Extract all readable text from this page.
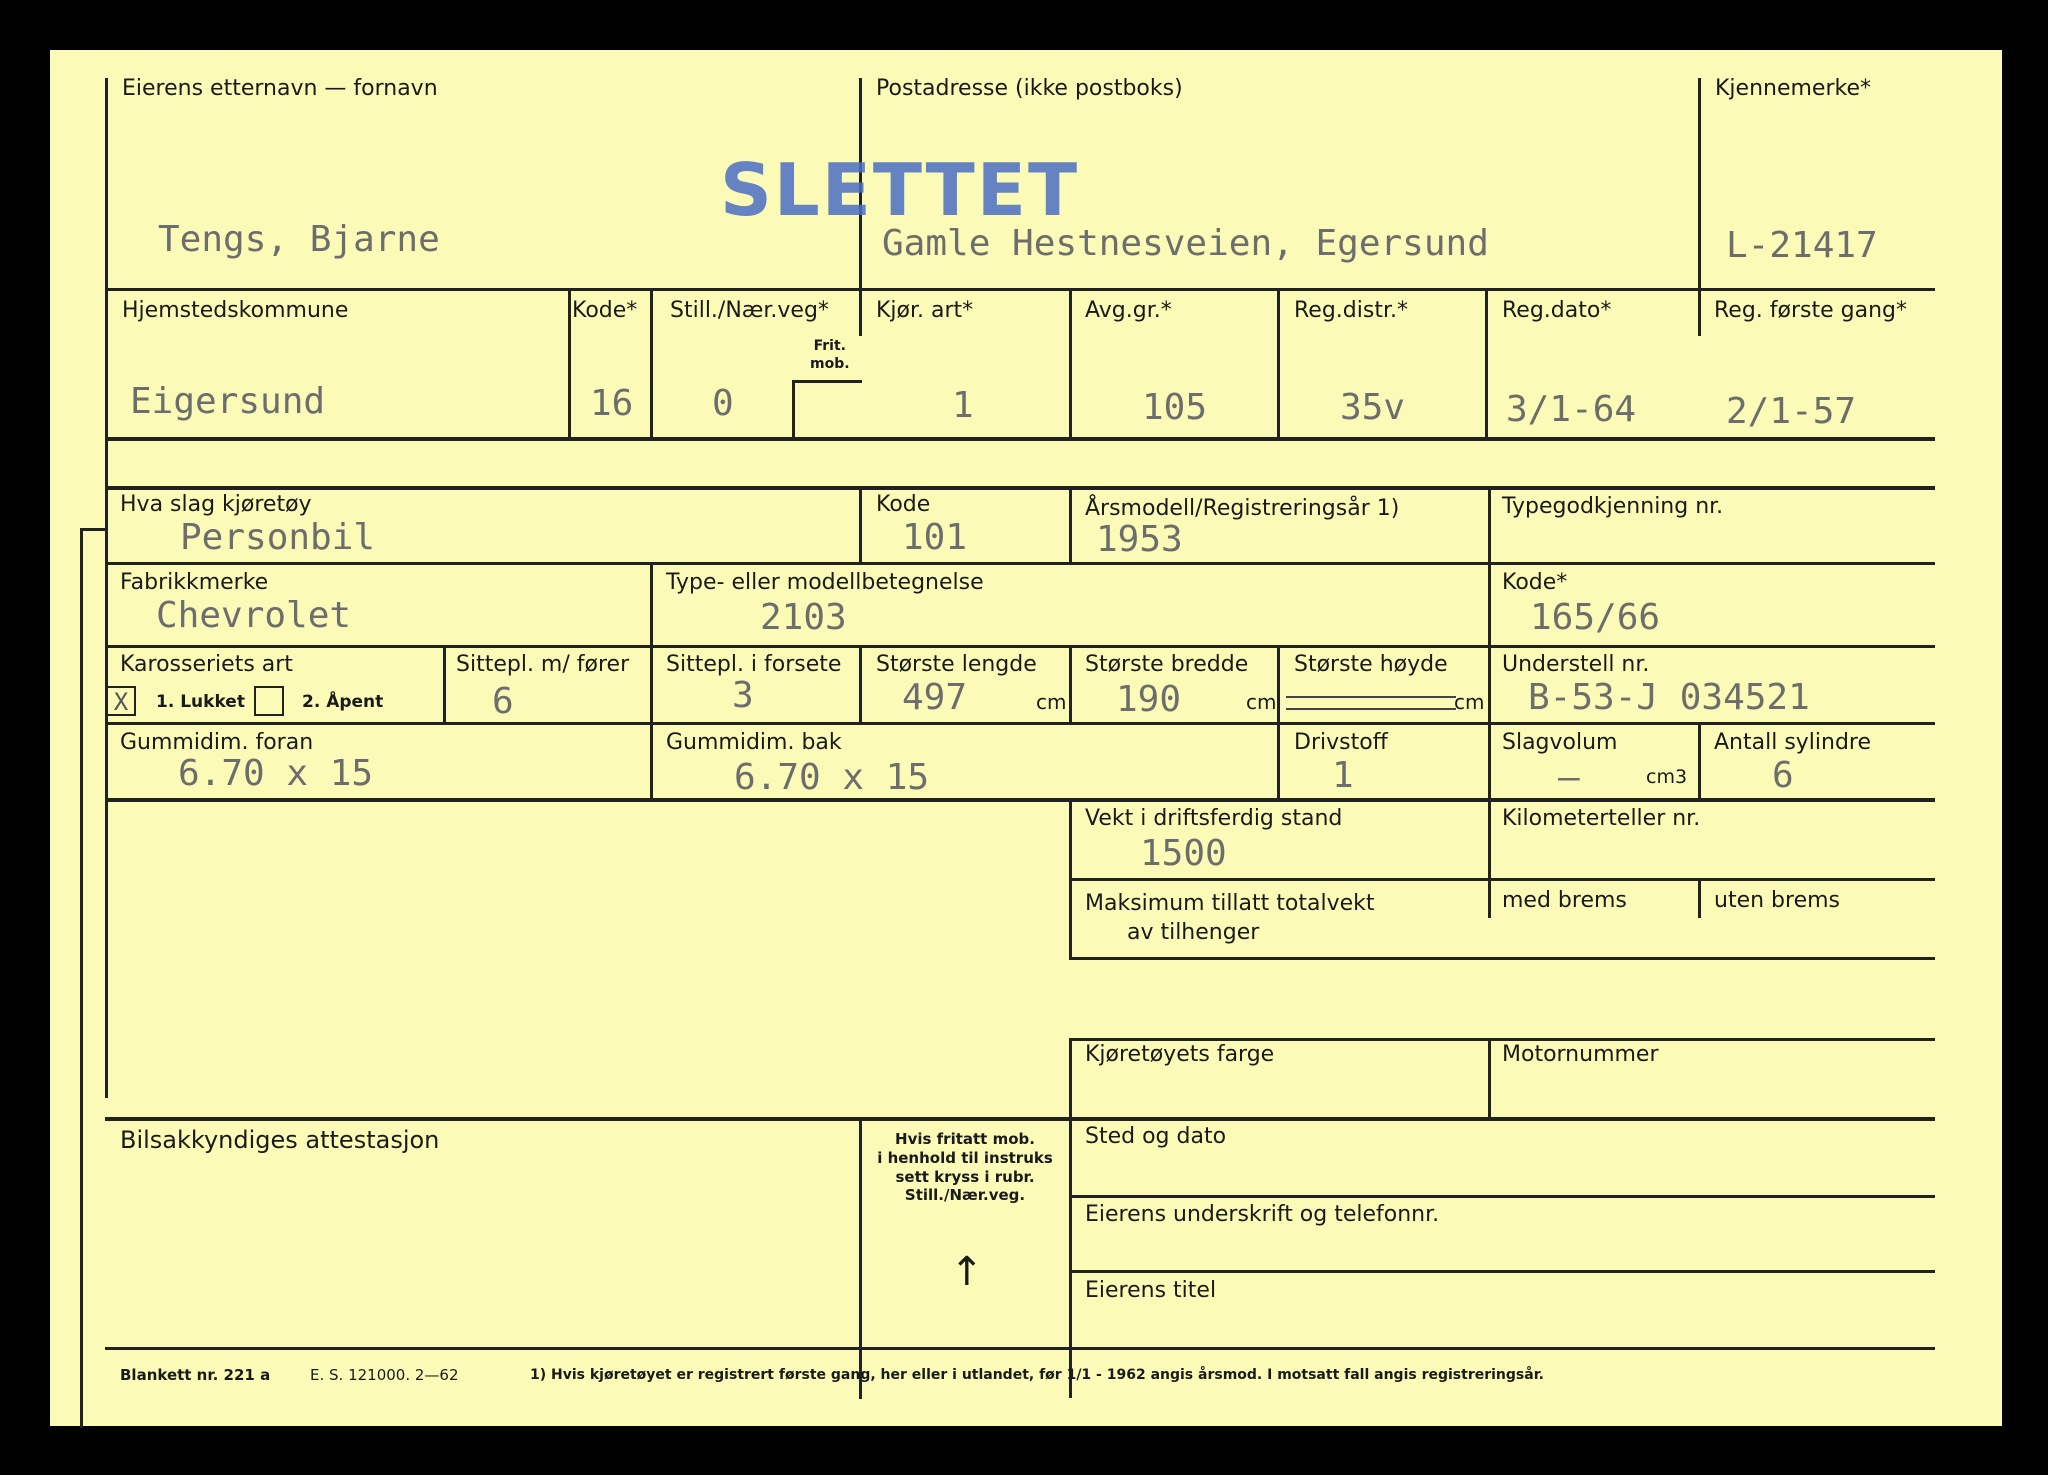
Eierens etternavn — fornavn
Tengs, Bjarne
Postadresse (ikke postboks)
SLETTET
Gamle Hestnesveien, Egersund
Kjennemerke*
L-21417
Hjemstedskommune
Eigersund
Kode*
16
Still./Nær.veg*
Frit.
mob.
0
Kjør. art*
1
Avg.gr.*
105
Reg.distr.*
35v
Reg.dato*
3/1-64
Reg. første gang*
2/1-57
Hva slag kjøretøy
Personbil
Kode
101
Årsmodell/Registreringsår 1)
1953
Typegodkjenning nr.
Fabrikkmerke
Chevrolet
Type- eller modellbetegnelse
2103
Kode*
165/66
Karosseriets art
X	1. Lukket	2. Åpent
Sittepl. m/ fører
6
Sittepl. i forsete
3
Største lengde
497	cm
Største bredde
190	cm
Største høyde
cm
Understell nr.
B-53-J 034521
Gummidim. foran
6.70 x 15
Gummidim. bak
6.70 x 15
Drivstoff
1
Slagvolum
–	cm3
Antall sylindre
6
Vekt i driftsferdig stand
1500
Kilometerteller nr.
Maksimum tillatt totalvekt
av tilhenger
med brems	uten brems
Kjøretøyets farge	Motornummer
Bilsakkyndiges attestasjon	Hvis fritatt mob.
i henhold til instruks
sett kryss i rubr.
Still./Nær.veg.
↑
Sted og dato
Eierens underskrift og telefonnr.
Eierens titel
Blankett nr. 221 a	E. S. 121000. 2—62	1) Hvis kjøretøyet er registrert første gang, her eller i utlandet, før 1/1 - 1962 angis årsmod. I motsatt fall angis registreringsår.
